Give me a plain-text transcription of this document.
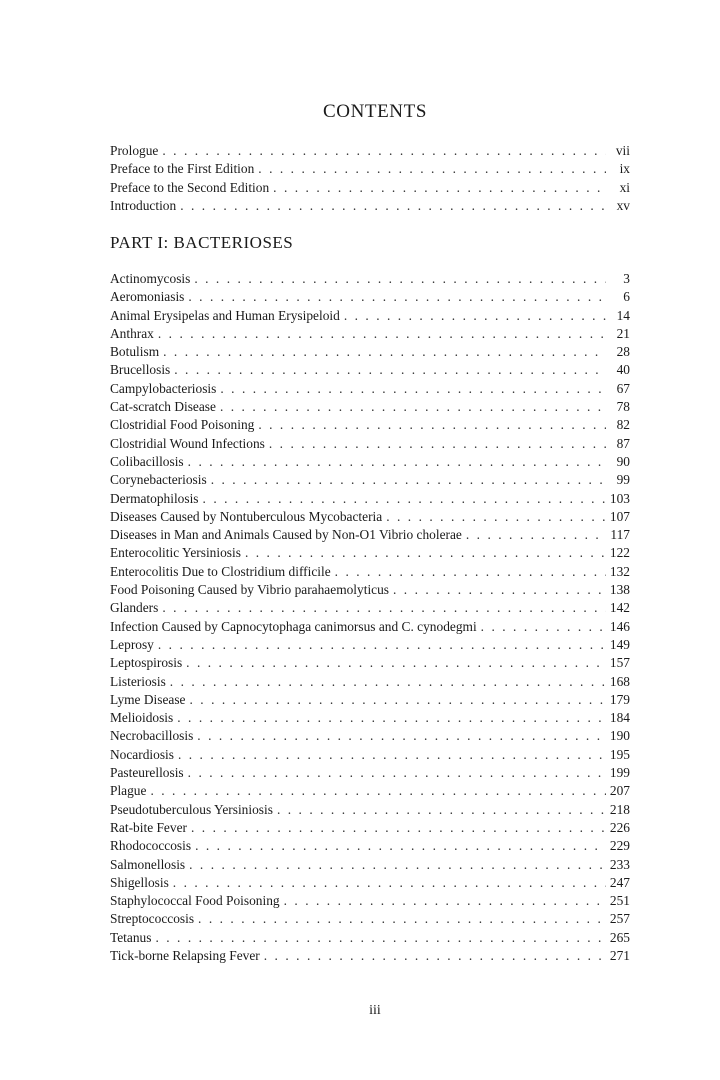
CONTENTS
Prologue . . .	vii
Preface to the First Edition . . .	ix
Preface to the Second Edition . . .	xi
Introduction . . .	xv
PART I: BACTERIOSES
Actinomycosis . . .	3
Aeromoniasis . . .	6
Animal Erysipelas and Human Erysipeloid . . .	14
Anthrax . . .	21
Botulism . . .	28
Brucellosis . . .	40
Campylobacteriosis . . .	67
Cat-scratch Disease . . .	78
Clostridial Food Poisoning . . .	82
Clostridial Wound Infections . . .	87
Colibacillosis . . .	90
Corynebacteriosis . . .	99
Dermatophilosis . . .	103
Diseases Caused by Nontuberculous Mycobacteria . . .	107
Diseases in Man and Animals Caused by Non-O1 Vibrio cholerae . . .	117
Enterocolitic Yersiniosis . . .	122
Enterocolitis Due to Clostridium difficile . . .	132
Food Poisoning Caused by Vibrio parahaemolyticus . . .	138
Glanders . . .	142
Infection Caused by Capnocytophaga canimorsus and C. cynodegmi . . .	146
Leprosy . . .	149
Leptospirosis . . .	157
Listeriosis . . .	168
Lyme Disease . . .	179
Melioidosis . . .	184
Necrobacillosis . . .	190
Nocardiosis . . .	195
Pasteurellosis . . .	199
Plague . . .	207
Pseudotuberculous Yersiniosis . . .	218
Rat-bite Fever . . .	226
Rhodococcosis . . .	229
Salmonellosis . . .	233
Shigellosis . . .	247
Staphylococcal Food Poisoning . . .	251
Streptococcosis . . .	257
Tetanus . . .	265
Tick-borne Relapsing Fever . . .	271
iii
